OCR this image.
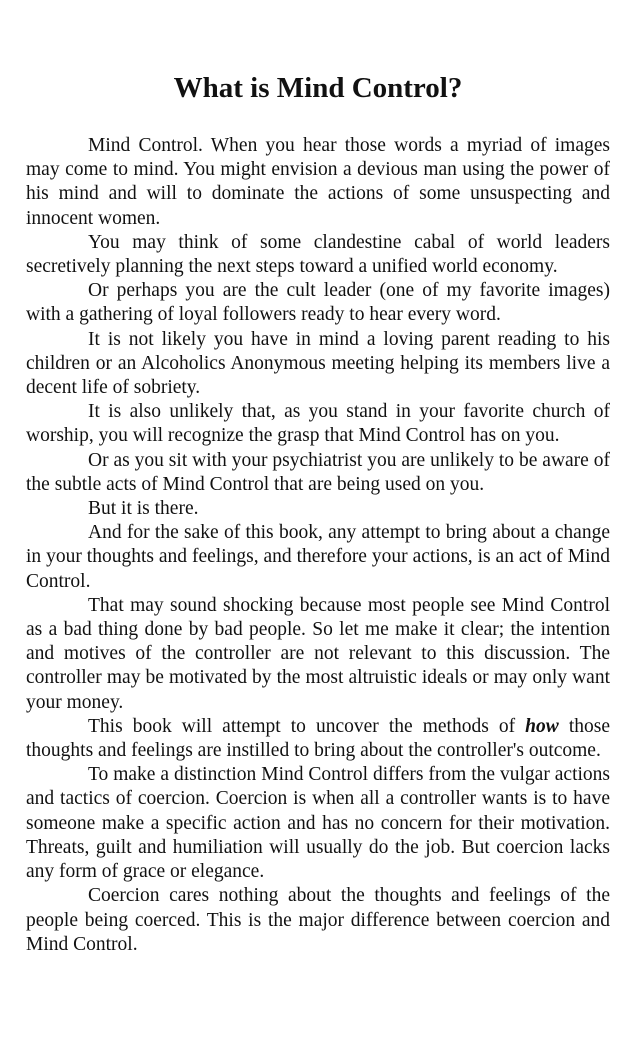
What is Mind Control?

Mind Control. When you hear those words a myriad of images may come to mind. You might envision a devious man using the power of his mind and will to dominate the actions of some unsuspecting and innocent women.

You may think of some clandestine cabal of world leaders secretively planning the next steps toward a unified world economy.

Or perhaps you are the cult leader (one of my favorite images) with a gathering of loyal followers ready to hear every word.

It is not likely you have in mind a loving parent reading to his children or an Alcoholics Anonymous meeting helping its members live a decent life of sobriety.

It is also unlikely that, as you stand in your favorite church of worship, you will recognize the grasp that Mind Control has on you.

Or as you sit with your psychiatrist you are unlikely to be aware of the subtle acts of Mind Control that are being used on you.

But it is there.

And for the sake of this book, any attempt to bring about a change in your thoughts and feelings, and therefore your actions, is an act of Mind Control.

That may sound shocking because most people see Mind Control as a bad thing done by bad people. So let me make it clear; the intention and motives of the controller are not relevant to this discussion. The controller may be motivated by the most altruistic ideals or may only want your money.

This book will attempt to uncover the methods of how those thoughts and feelings are instilled to bring about the controller's outcome.

To make a distinction Mind Control differs from the vulgar actions and tactics of coercion. Coercion is when all a controller wants is to have someone make a specific action and has no concern for their motivation. Threats, guilt and humiliation will usually do the job. But coercion lacks any form of grace or elegance.

Coercion cares nothing about the thoughts and feelings of the people being coerced. This is the major difference between coercion and Mind Control.
